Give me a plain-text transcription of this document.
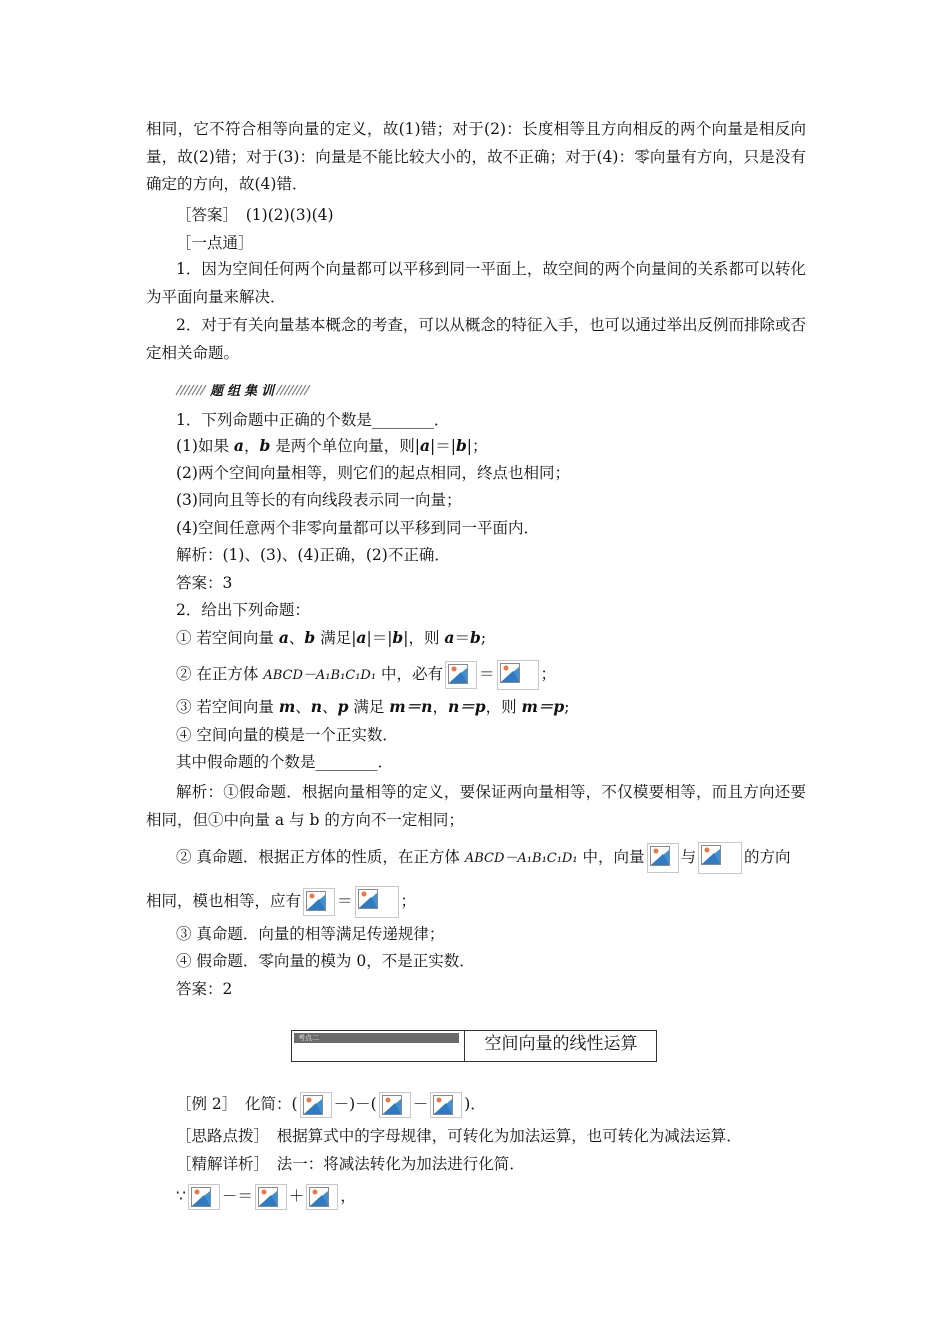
相同，它不符合相等向量的定义，故(1)错；对于(2)：长度相等且方向相反的两个向量是相反向量，故(2)错；对于(3)：向量是不能比较大小的，故不正确；对于(4)：零向量有方向，只是没有确定的方向，故(4)错．
［答案］　(1)(2)(3)(4)
［一点通］
1．因为空间任何两个向量都可以平移到同一平面上，故空间的两个向量间的关系都可以转化为平面向量来解决．
2．对于有关向量基本概念的考查，可以从概念的特征入手，也可以通过举出反例而排除或否定相关命题。
题组集训
1．下列命题中正确的个数是________．
(1)如果 a，b 是两个单位向量，则|a|＝|b|；
(2)两个空间向量相等，则它们的起点相同，终点也相同；
(3)同向且等长的有向线段表示同一向量；
(4)空间任意两个非零向量都可以平移到同一平面内．
解析：(1)、(3)、(4)正确，(2)不正确．
答案：3
2．给出下列命题：
① 若空间向量 a、b 满足|a|＝|b|，则 a＝b;
② 在正方体 ABCD－A₁B₁C₁D₁ 中，必有 ＝	；
③ 若空间向量 m、n、p 满足 m＝n，n＝p，则 m＝p;
④ 空间向量的模是一个正实数．
其中假命题的个数是________．
解析：①假命题．根据向量相等的定义，要保证两向量相等，不仅模要相等，而且方向还要相同，但①中向量 a 与 b 的方向不一定相同；
② 真命题．根据正方体的性质，在正方体 ABCD－A₁B₁C₁D₁ 中，向量 与	的方向
相同，模也相等，应有 ＝	；
③ 真命题．向量的相等满足传递规律；
④ 假命题．零向量的模为 0，不是正实数．
答案：2
考点二	空间向量的线性运算
［例 2］　化简：( －)－( － )．
［思路点拨］　根据算式中的字母规律，可转化为加法运算，也可转化为减法运算．
［精解详析］　法一：将减法转化为加法进行化简．
∵ －＝ ＋ ，
